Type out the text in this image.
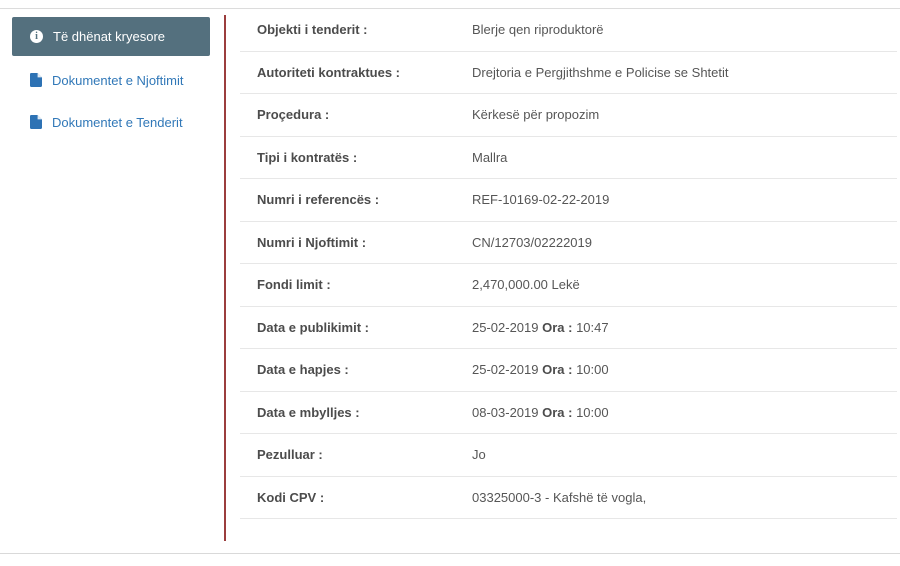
i	Të dhënat kryesore
Dokumentet e Njoftimit
Dokumentet e Tenderit
Objekti i tenderit :	Blerje qen riproduktorë
Autoriteti kontraktues :	Drejtoria e Pergjithshme e Policise se Shtetit
Proçedura :	Kërkesë për propozim
Tipi i kontratës :	Mallra
Numri i referencës :	REF-10169-02-22-2019
Numri i Njoftimit :	CN/12703/02222019
Fondi limit :	2,470,000.00 Lekë
Data e publikimit :	25-02-2019 Ora : 10:47
Data e hapjes :	25-02-2019 Ora : 10:00
Data e mbylljes :	08-03-2019 Ora : 10:00
Pezulluar :	Jo
Kodi CPV :	03325000-3 - Kafshë të vogla,
